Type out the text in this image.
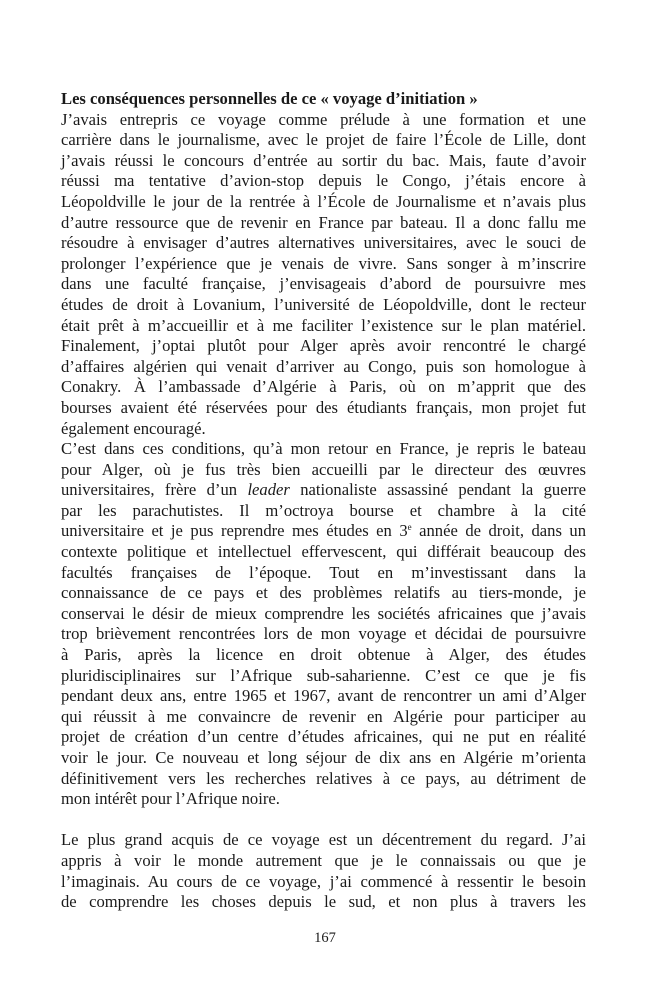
Les conséquences personnelles de ce « voyage d’initiation »
J’avais entrepris ce voyage comme prélude à une formation et une
carrière dans le journalisme, avec le projet de faire l’École de Lille, dont
j’avais réussi le concours d’entrée au sortir du bac. Mais, faute d’avoir
réussi ma tentative d’avion-stop depuis le Congo, j’étais encore à
Léopoldville le jour de la rentrée à l’École de Journalisme et n’avais plus
d’autre ressource que de revenir en France par bateau. Il a donc fallu me
résoudre à envisager d’autres alternatives universitaires, avec le souci de
prolonger l’expérience que je venais de vivre. Sans songer à m’inscrire
dans une faculté française, j’envisageais d’abord de poursuivre mes
études de droit à Lovanium, l’université de Léopoldville, dont le recteur
était prêt à m’accueillir et à me faciliter l’existence sur le plan matériel.
Finalement, j’optai plutôt pour Alger après avoir rencontré le chargé
d’affaires algérien qui venait d’arriver au Congo, puis son homologue à
Conakry. À l’ambassade d’Algérie à Paris, où on m’apprit que des
bourses avaient été réservées pour des étudiants français, mon projet fut
également encouragé.
C’est dans ces conditions, qu’à mon retour en France, je repris le bateau
pour Alger, où je fus très bien accueilli par le directeur des œuvres
universitaires, frère d’un leader nationaliste assassiné pendant la guerre
par les parachutistes. Il m’octroya bourse et chambre à la cité
universitaire et je pus reprendre mes études en 3e année de droit, dans un
contexte politique et intellectuel effervescent, qui différait beaucoup des
facultés françaises de l’époque. Tout en m’investissant dans la
connaissance de ce pays et des problèmes relatifs au tiers-monde, je
conservai le désir de mieux comprendre les sociétés africaines que j’avais
trop brièvement rencontrées lors de mon voyage et décidai de poursuivre
à Paris, après la licence en droit obtenue à Alger, des études
pluridisciplinaires sur l’Afrique sub-saharienne. C’est ce que je fis
pendant deux ans, entre 1965 et 1967, avant de rencontrer un ami d’Alger
qui réussit à me convaincre de revenir en Algérie pour participer au
projet de création d’un centre d’études africaines, qui ne put en réalité
voir le jour. Ce nouveau et long séjour de dix ans en Algérie m’orienta
définitivement vers les recherches relatives à ce pays, au détriment de
mon intérêt pour l’Afrique noire.
Le plus grand acquis de ce voyage est un décentrement du regard. J’ai
appris à voir le monde autrement que je le connaissais ou que je
l’imaginais. Au cours de ce voyage, j’ai commencé à ressentir le besoin
de comprendre les choses depuis le sud, et non plus à travers les
167
